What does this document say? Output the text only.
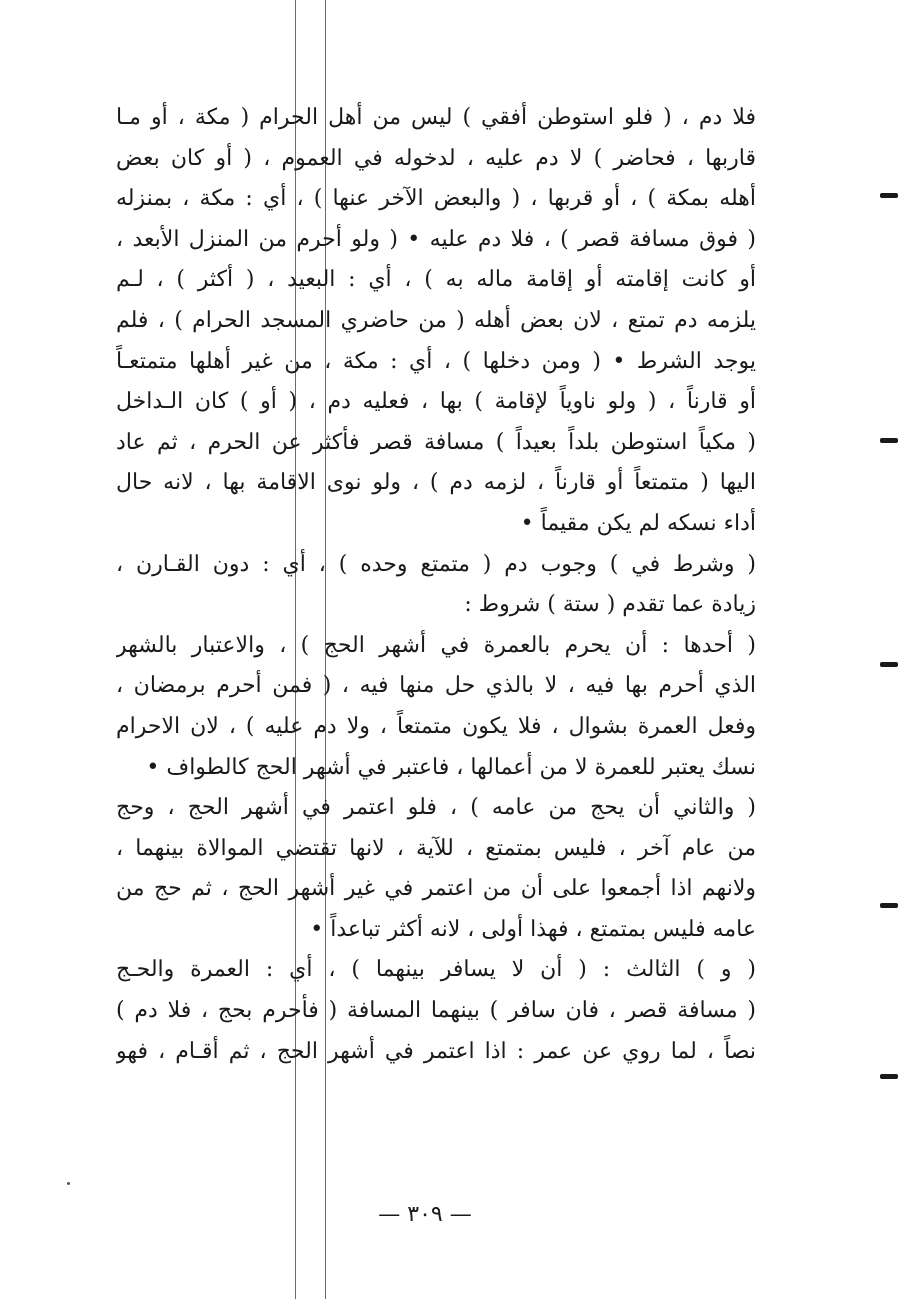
فلا دم ، ( فلو استوطن أفقي ) ليس من أهل الحرام ( مكة ، أو مـا
قاربها ، فحاضر ) لا دم عليه ، لدخوله في العموم ، ( أو كان بعض
أهله بمكة ) ، أو قربها ، ( والبعض الآخر عنها ) ، أي : مكة ، بمنزله
( فوق مسافة قصر ) ، فلا دم عليه • ( ولو أحرم من المنزل الأبعد ،
أو كانت إقامته أو إقامة ماله به ) ، أي : البعيد ، ( أكثر ) ، لـم
يلزمه دم تمتع ، لان بعض أهله ( من حاضري المسجد الحرام ) ، فلم
يوجد الشرط • ( ومن دخلها ) ، أي : مكة ، من غير أهلها متمتعـاً
أو قارناً ، ( ولو ناوياً لإقامة ) بها ، فعليه دم ، ( أو ) كان الـداخل
( مكياً استوطن بلداً بعيداً ) مسافة قصر فأكثر عن الحرم ، ثم عاد
اليها ( متمتعاً أو قارناً ، لزمه دم ) ، ولو نوى الاقامة بها ، لانه حال
أداء نسكه لم يكن مقيماً •
( وشرط في ) وجوب دم ( متمتع وحده ) ، أي : دون القـارن ،
زيادة عما تقدم ( ستة ) شروط :
( أحدها : أن يحرم بالعمرة في أشهر الحج ) ، والاعتبار بالشهر
الذي أحرم بها فيه ، لا بالذي حل منها فيه ، ( فمن أحرم برمضان ،
وفعل العمرة بشوال ، فلا يكون متمتعاً ، ولا دم عليه ) ، لان الاحرام
نسك يعتبر للعمرة لا من أعمالها ، فاعتبر في أشهر الحج كالطواف •
( والثاني أن يحج من عامه ) ، فلو اعتمر في أشهر الحج ، وحج
من عام آخر ، فليس بمتمتع ، للآية ، لانها تقتضي الموالاة بينهما ،
ولانهم اذا أجمعوا على أن من اعتمر في غير أشهر الحج ، ثم حج من
عامه فليس بمتمتع ، فهذا أولى ، لانه أكثر تباعداً •
( و ) الثالث : ( أن لا يسافر بينهما ) ، أي : العمرة والحـج
( مسافة قصر ، فان سافر ) بينهما المسافة ( فأحرم بحج ، فلا دم )
نصاً ، لما روي عن عمر : اذا اعتمر في أشهر الحج ، ثم أقـام ، فهو
— ٣٠٩ —
